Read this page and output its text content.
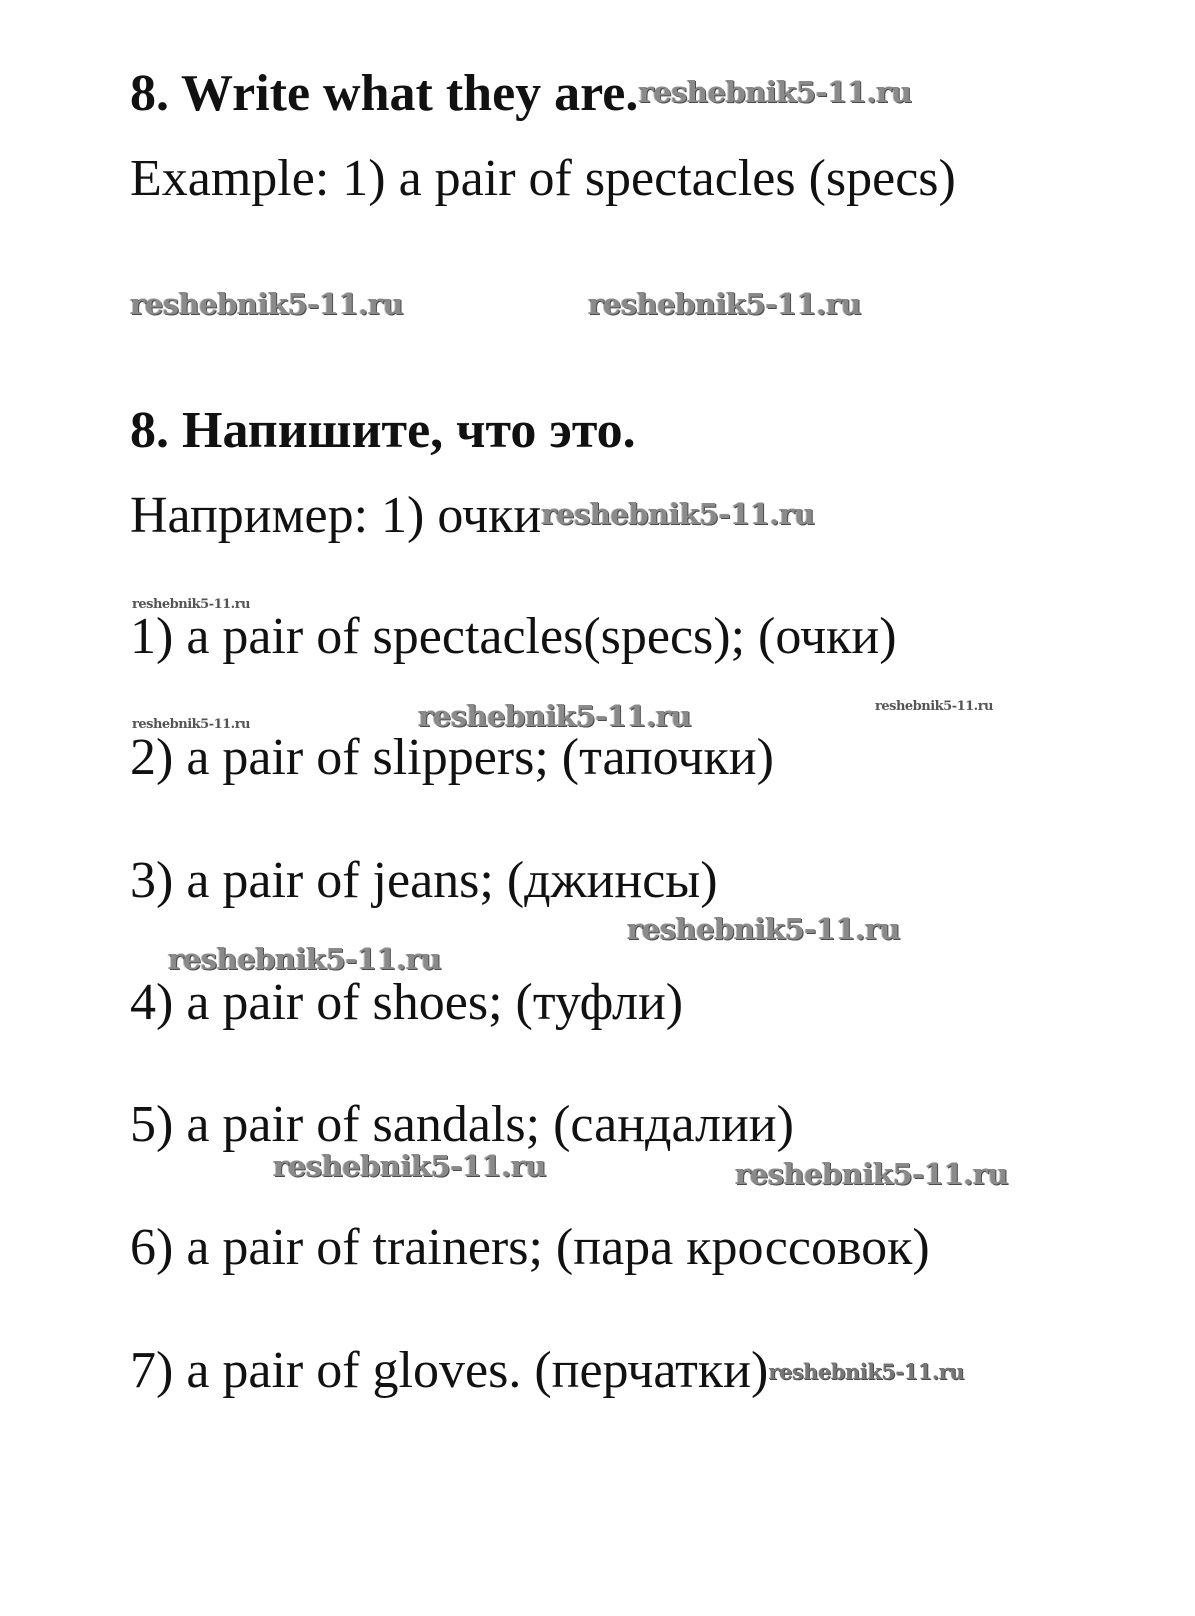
8. Write what they are.reshebnik5-11.ru
Example: 1) a pair of spectacles (specs)
reshebnik5-11.ru	reshebnik5-11.ru
8. Напишите, что это.
Например: 1) очкиreshebnik5-11.ru
reshebnik5-11.ru
1) a pair of spectacles(specs); (очки)
reshebnik5-11.ru	reshebnik5-11.ru
reshebnik5-11.ru
2) a pair of slippers; (тапочки)
3) a pair of jeans; (джинсы)
reshebnik5-11.ru
reshebnik5-11.ru
4) a pair of shoes; (туфли)
5) a pair of sandals; (сандалии)
reshebnik5-11.ru	reshebnik5-11.ru
6) a pair of trainers; (пара кроссовок)
7) a pair of gloves. (перчатки)reshebnik5-11.ru
